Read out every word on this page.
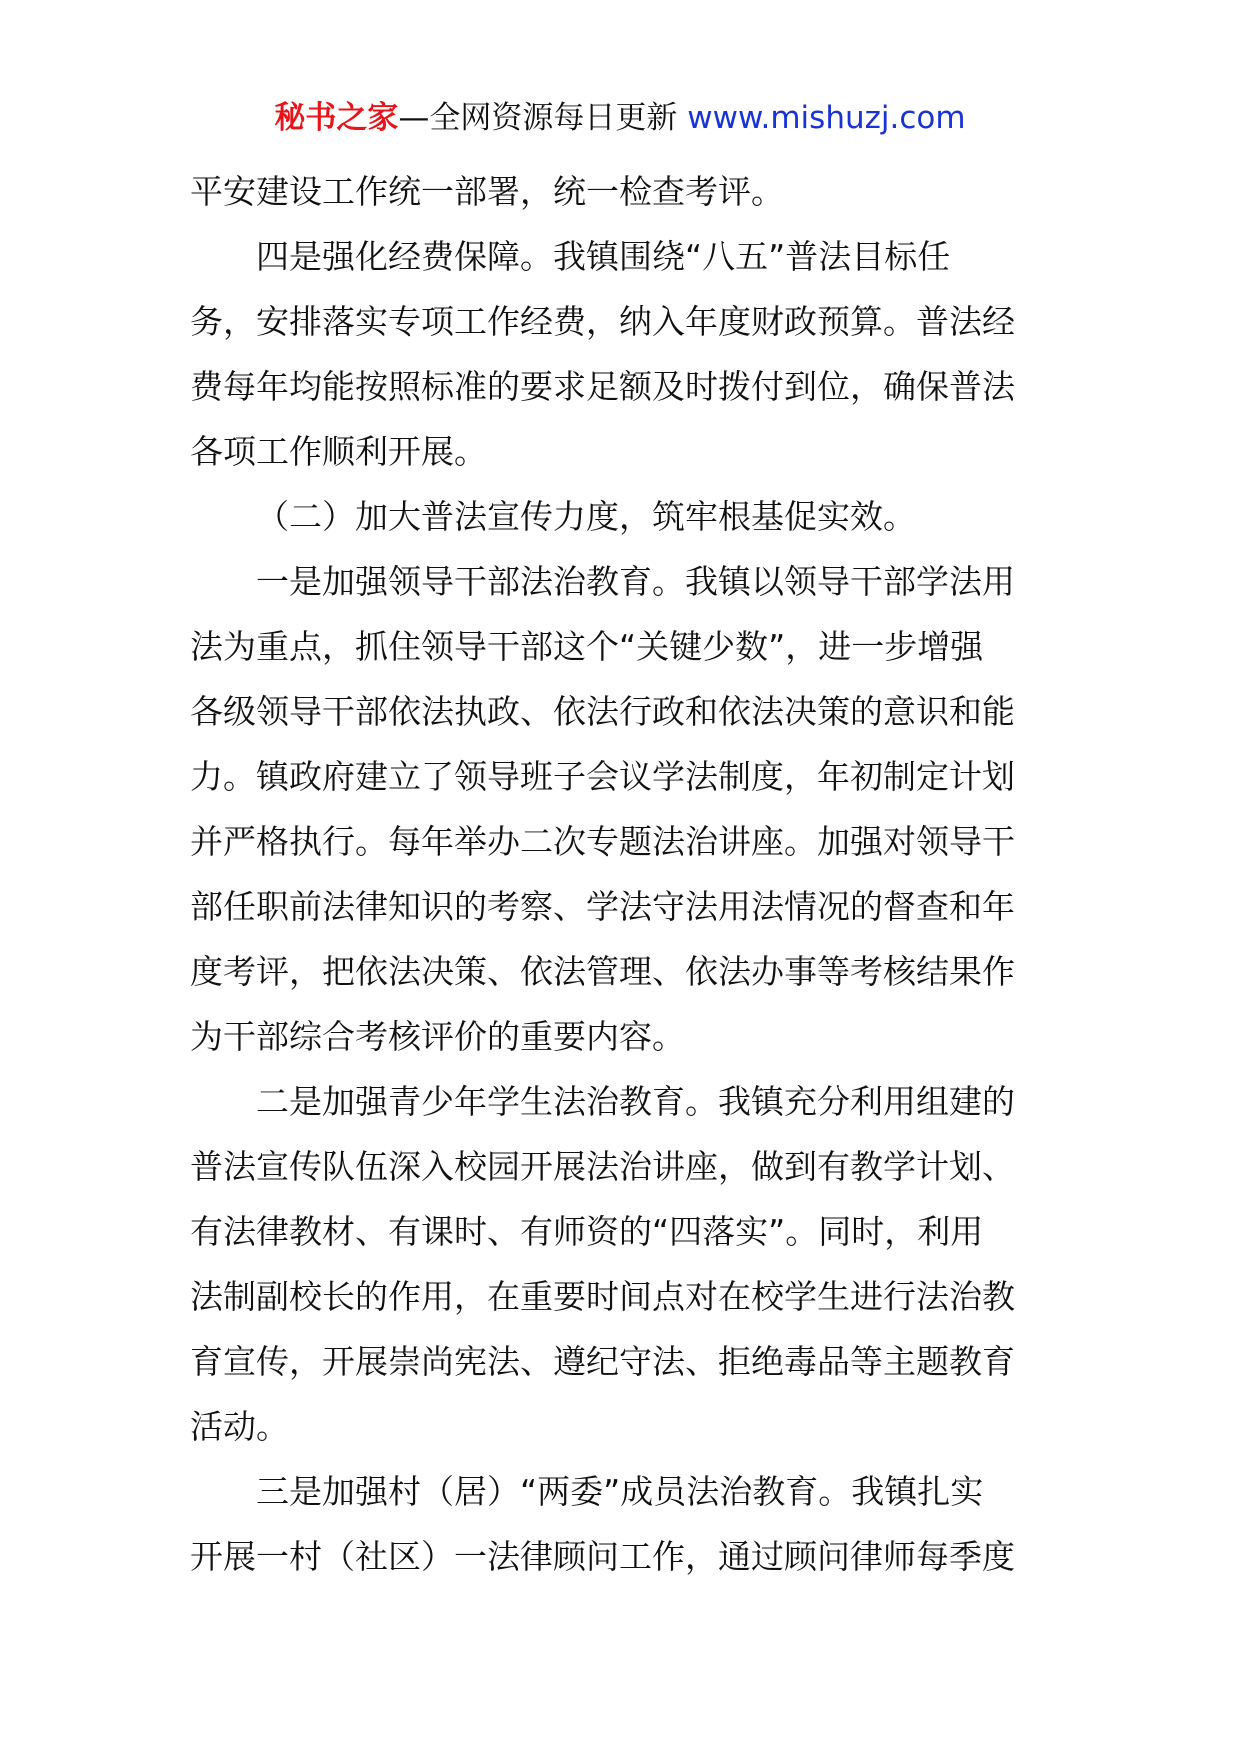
秘书之家—全网资源每日更新 www.mishuzj.com
平安建设工作统一部署，统一检查考评。
四是强化经费保障。我镇围绕“八五”普法目标任
务，安排落实专项工作经费，纳入年度财政预算。普法经
费每年均能按照标准的要求足额及时拨付到位，确保普法
各项工作顺利开展。
（二）加大普法宣传力度，筑牢根基促实效。
一是加强领导干部法治教育。我镇以领导干部学法用
法为重点，抓住领导干部这个“关键少数”，进一步增强
各级领导干部依法执政、依法行政和依法决策的意识和能
力。镇政府建立了领导班子会议学法制度，年初制定计划
并严格执行。每年举办二次专题法治讲座。加强对领导干
部任职前法律知识的考察、学法守法用法情况的督查和年
度考评，把依法决策、依法管理、依法办事等考核结果作
为干部综合考核评价的重要内容。
二是加强青少年学生法治教育。我镇充分利用组建的
普法宣传队伍深入校园开展法治讲座，做到有教学计划、
有法律教材、有课时、有师资的“四落实”。同时，利用
法制副校长的作用，在重要时间点对在校学生进行法治教
育宣传，开展崇尚宪法、遵纪守法、拒绝毒品等主题教育
活动。
三是加强村（居）“两委”成员法治教育。我镇扎实
开展一村（社区）一法律顾问工作，通过顾问律师每季度
